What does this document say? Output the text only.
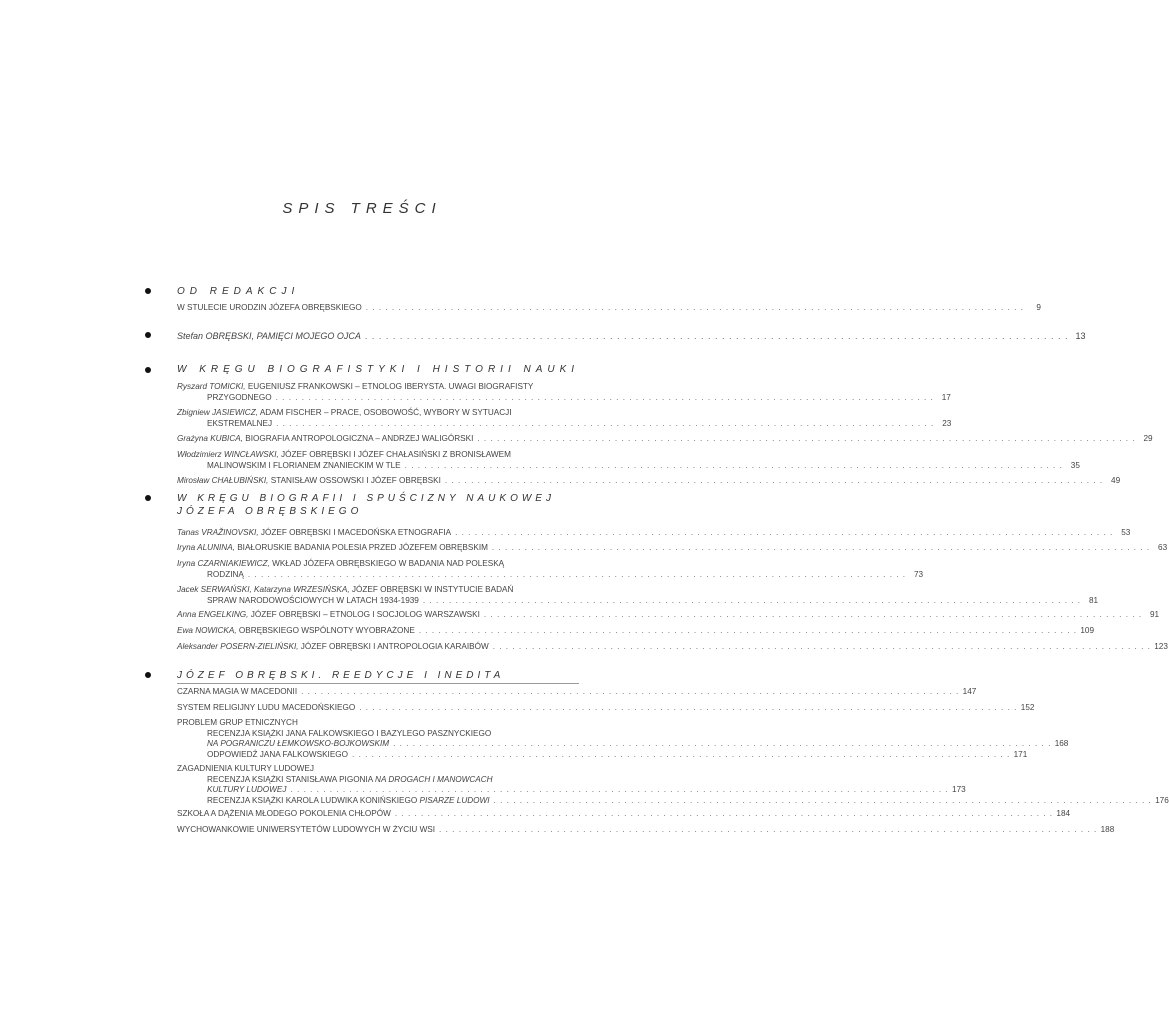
SPIS TREŚCI
OD REDAKCJI
W STULECIE URODZIN JÓZEFA OBRĘBSKIEGO . . .	9
Stefan OBRĘBSKI, PAMIĘCI MOJEGO OJCA . . .	13
W KRĘGU BIOGRAFISTYKI I HISTORII NAUKI
Ryszard TOMICKI, EUGENIUSZ FRANKOWSKI – ETNOLOG IBERYSTA. UWAGI BIOGRAFISTY
PRZYGODNEGO . . .	17
Zbigniew JASIEWICZ, ADAM FISCHER – PRACE, OSOBOWOŚĆ, WYBORY W SYTUACJI
EKSTREMALNEJ . . .	23
Grażyna KUBICA, BIOGRAFIA ANTROPOLOGICZNA – ANDRZEJ WALIGÓRSKI . . .	29
Włodzimierz WINCŁAWSKI, JÓZEF OBRĘBSKI I JÓZEF CHAŁASIŃSKI Z BRONISŁAWEM
MALINOWSKIM I FLORIANEM ZNANIECKIM W TLE . . .	35
Mirosław CHAŁUBIŃSKI, STANISŁAW OSSOWSKI I JÓZEF OBRĘBSKI . . .	49
W KRĘGU BIOGRAFII I SPUŚCIZNY NAUKOWEJ
JÓZEFA OBRĘBSKIEGO
Tanas VRAŽINOVSKI, JÓZEF OBRĘBSKI I MACEDOŃSKA ETNOGRAFIA . . .	53
Iryna ALUNINA, BIAŁORUSKIE BADANIA POLESIA PRZED JÓZEFEM OBRĘBSKIM . . .	63
Iryna CZARNIAKIEWICZ, WKŁAD JÓZEFA OBRĘBSKIEGO W BADANIA NAD POLESKĄ
RODZINĄ . . .	73
Jacek SERWAŃSKI, Katarzyna WRZESIŃSKA, JÓZEF OBRĘBSKI W INSTYTUCIE BADAŃ
SPRAW NARODOWOŚCIOWYCH W LATACH 1934-1939 . . .	81
Anna ENGELKING, JÓZEF OBRĘBSKI – ETNOLOG I SOCJOLOG WARSZAWSKI . . .	91
Ewa NOWICKA, OBRĘBSKIEGO WSPÓLNOTY WYOBRAŻONE . . .	109
Aleksander POSERN-ZIELIŃSKI, JÓZEF OBRĘBSKI I ANTROPOLOGIA KARAIBÓW . . .	123
JÓZEF OBRĘBSKI. REEDYCJE I INEDITA
CZARNA MAGIA W MACEDONII . . .	147
SYSTEM RELIGIJNY LUDU MACEDOŃSKIEGO . . .	152
PROBLEM GRUP ETNICZNYCH
RECENZJA KSIĄŻKI JANA FALKOWSKIEGO I BAZYLEGO PASZNYCKIEGO
NA POGRANICZU ŁEMKOWSKO-BOJKOWSKIM . . .	168
ODPOWIEDŹ JANA FALKOWSKIEGO . . .	171
ZAGADNIENIA KULTURY LUDOWEJ
RECENZJA KSIĄŻKI STANISŁAWA PIGONIA NA DROGACH I MANOWCACH
KULTURY LUDOWEJ . . .	173
RECENZJA KSIĄŻKI KAROLA LUDWIKA KONIŃSKIEGO PISARZE LUDOWI . . .	176
SZKOŁA A DĄŻENIA MŁODEGO POKOLENIA CHŁOPÓW . . .	184
WYCHOWANKOWIE UNIWERSYTETÓW LUDOWYCH W ŻYCIU WSI . . .	188
